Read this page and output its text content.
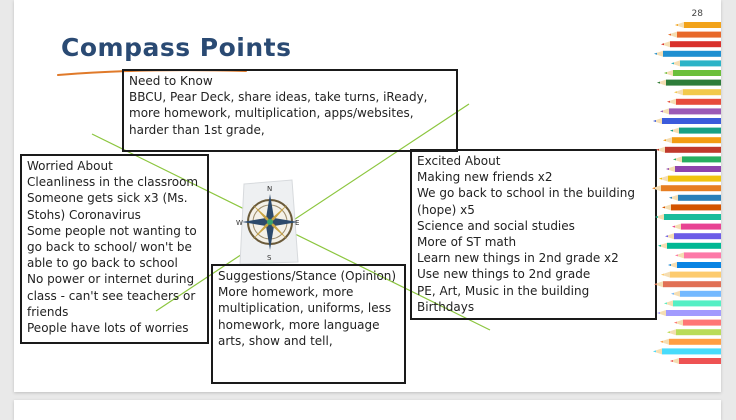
28
Compass Points
N
S
W	E
Need to Know
BBCU, Pear Deck, share ideas, take turns, iReady,
more homework, multiplication, apps/websites,
harder than 1st grade,
Worried About
Cleanliness in the classroom
Someone gets sick x3 (Ms.
Stohs) Coronavirus
Some people not wanting to
go back to school/ won't be
able to go back to school
No power or internet during
class - can't see teachers or
friends
People have lots of worries
Excited About
Making new friends x2
We go back to school in the building
(hope) x5
Science and social studies
More of ST math
Learn new things in 2nd grade x2
Use new things to 2nd grade
PE, Art, Music in the building
Birthdays
Suggestions/Stance (Opinion)
More homework, more
multiplication, uniforms, less
homework, more language
arts, show and tell,
